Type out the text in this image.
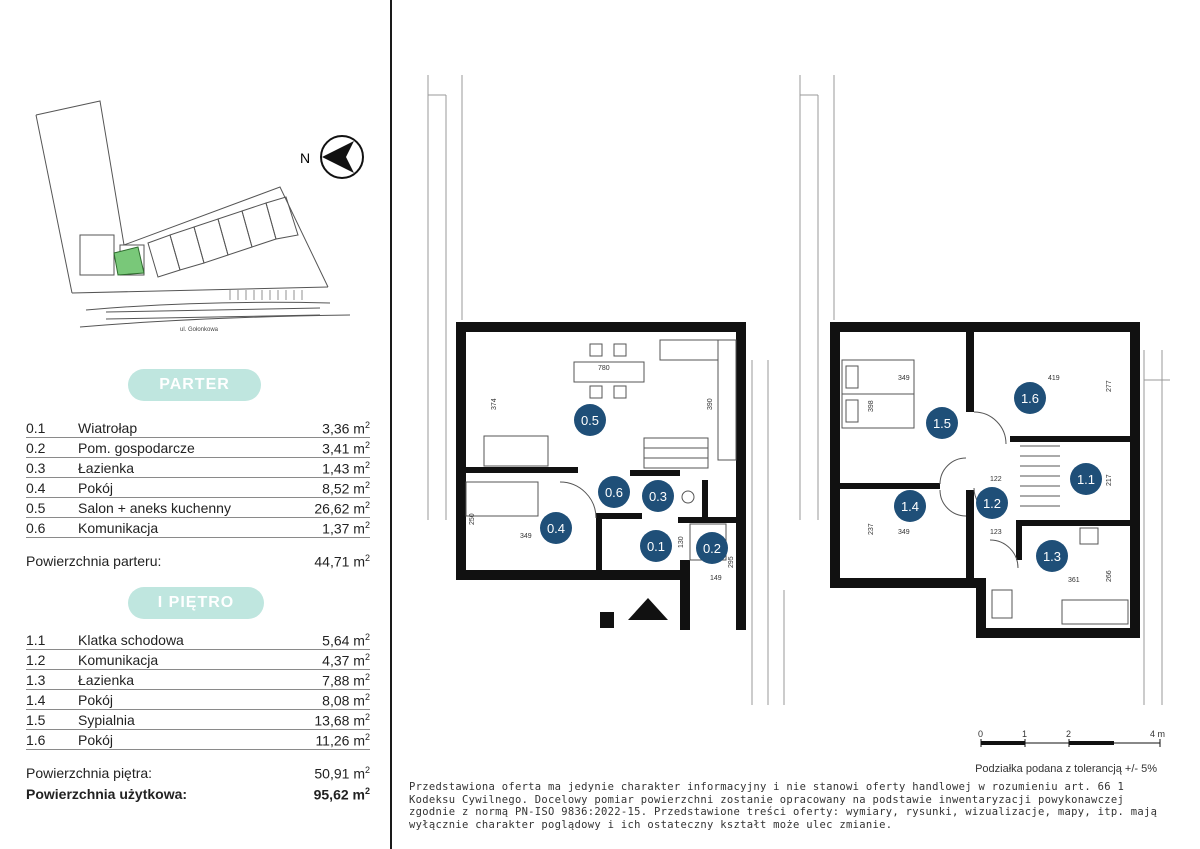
N
ul. Gołonkowa
PARTER
0.1	Wiatrołap	3,36 $m^2$
0.2	Pom. gospodarcze	3,41 $m^2$
0.3	Łazienka	1,43 $m^2$
0.4	Pokój	8,52 $m^2$
0.5	Salon + aneks kuchenny	26,62 $m^2$
0.6	Komunikacja	1,37 $m^2$
Powierzchnia parteru:	44,71 $m^2$
I PIĘTRO
1.1	Klatka schodowa	5,64 $m^2$
1.2	Komunikacja	4,37 $m^2$
1.3	Łazienka	7,88 $m^2$
1.4	Pokój	8,08 $m^2$
1.5	Sypialnia	13,68 $m^2$
1.6	Pokój	11,26 $m^2$
Powierzchnia piętra:	50,91 $m^2$
Powierzchnia użytkowa:	95,62 $m^2$
780
374	390
250
349
149
295
130
349	419
277
398
217
122
237	349	123
361	266
0.5
0.6 0.3
0.4
0.1	0.2
1.5
1.6
1.1
1.4	1.2
1.3
0	1	2	4 m
Podziałka podana z tolerancją +/- 5%
Przedstawiona oferta ma jedynie charakter informacyjny i nie stanowi oferty handlowej w rozumieniu art. 66 1 Kodeksu Cywilnego. Docelowy pomiar powierzchni zostanie opracowany na podstawie inwentaryzacji powykonawczej zgodnie z normą PN-ISO 9836:2022-15. Przedstawione treści oferty: wymiary, rysunki, wizualizacje, mapy, itp. mają wyłącznie charakter poglądowy i ich ostateczny kształt może ulec zmianie.
